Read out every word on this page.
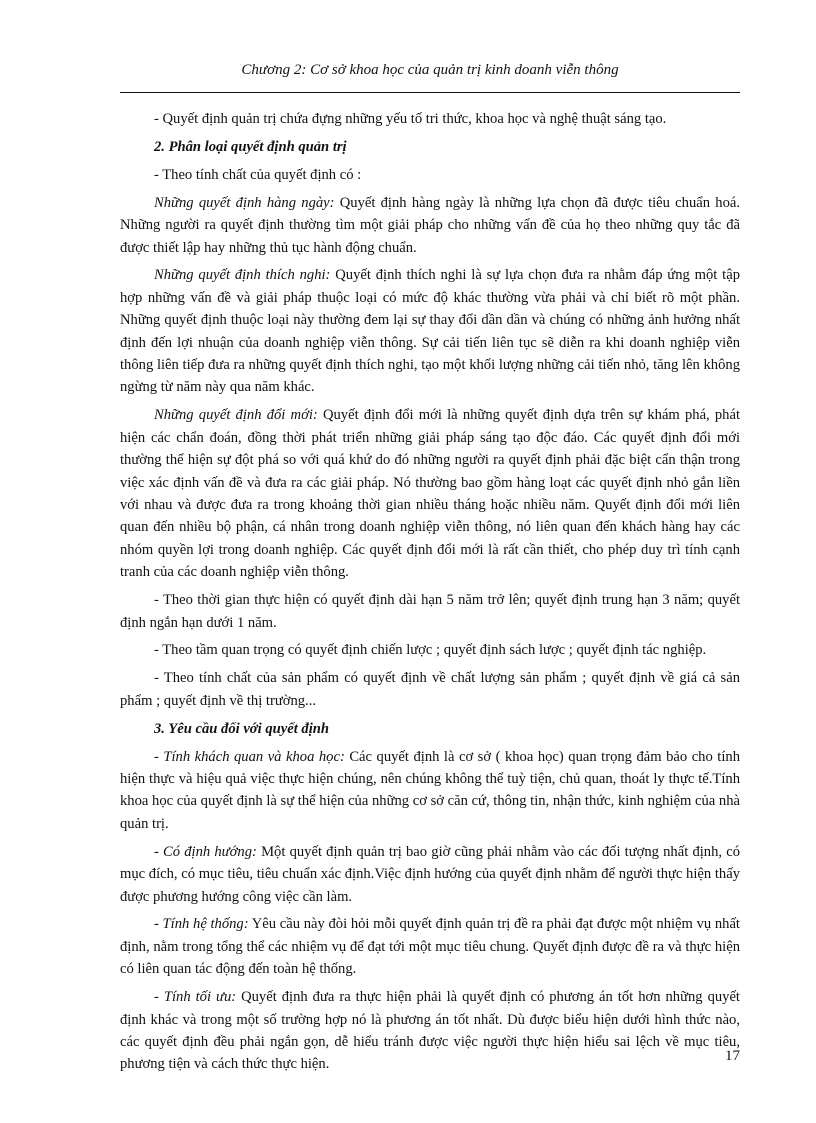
Chương 2: Cơ sở khoa học của quản trị kinh doanh viễn thông

- Quyết định quản trị chứa đựng những yếu tố tri thức, khoa học và nghệ thuật sáng tạo.

2. Phân loại quyết định quản trị

- Theo tính chất của quyết định có :

Những quyết định hàng ngày: Quyết định hàng ngày là những lựa chọn đã được tiêu chuẩn hoá. Những người ra quyết định thường tìm một giải pháp cho những vấn đề của họ theo những quy tắc đã được thiết lập hay những thủ tục hành động chuẩn.

Những quyết định thích nghi: Quyết định thích nghi là sự lựa chọn đưa ra nhằm đáp ứng một tập hợp những vấn đề và giải pháp thuộc loại có mức độ khác thường vừa phải và chỉ biết rõ một phần. Những quyết định thuộc loại này thường đem lại sự thay đổi dần dần và chúng có những ảnh hưởng nhất định đến lợi nhuận của doanh nghiệp viễn thông. Sự cải tiến liên tục sẽ diễn ra khi doanh nghiệp viễn thông liên tiếp đưa ra những quyết định thích nghi, tạo một khối lượng những cải tiến nhỏ, tăng lên không ngừng từ năm này qua năm khác.

Những quyết định đổi mới: Quyết định đổi mới là những quyết định dựa trên sự khám phá, phát hiện các chẩn đoán, đồng thời phát triển những giải pháp sáng tạo độc đáo. Các quyết định đổi mới thường thể hiện sự đột phá so với quá khứ do đó những người ra quyết định phải đặc biệt cẩn thận trong việc xác định vấn đề và đưa ra các giải pháp. Nó thường bao gồm hàng loạt các quyết định nhỏ gắn liền với nhau và được đưa ra trong khoảng thời gian nhiều tháng hoặc nhiều năm. Quyết định đổi mới liên quan đến nhiều bộ phận, cá nhân trong doanh nghiệp viễn thông, nó liên quan đến khách hàng hay các nhóm quyền lợi trong doanh nghiệp. Các quyết định đổi mới là rất cần thiết, cho phép duy trì tính cạnh tranh của các doanh nghiệp viễn thông.

- Theo thời gian thực hiện có quyết định dài hạn 5 năm trở lên; quyết định trung hạn 3 năm; quyết định ngắn hạn dưới 1 năm.

- Theo tầm quan trọng có quyết định chiến lược ; quyết định sách lược ; quyết định tác nghiệp.

- Theo tính chất của sản phẩm có quyết định về chất lượng sản phẩm ; quyết định về giá cả sản phẩm ; quyết định về thị trường...

3. Yêu cầu đối với quyết định

- Tính khách quan và khoa học: Các quyết định là cơ sở ( khoa học) quan trọng đảm bảo cho tính hiện thực và hiệu quả việc thực hiện chúng, nên chúng không thể tuỳ tiện, chủ quan, thoát ly thực tế.Tính khoa học của quyết định là sự thể hiện của những cơ sở căn cứ, thông tin, nhận thức, kinh nghiệm của nhà quản trị.

- Có định hướng: Một quyết định quản trị bao giờ cũng phải nhằm vào các đối tượng nhất định, có mục đích, có mục tiêu, tiêu chuẩn xác định.Việc định hướng của quyết định nhằm để người thực hiện thấy được phương hướng công việc cần làm.

- Tính hệ thống: Yêu cầu này đòi hỏi mỗi quyết định quản trị đề ra phải đạt được một nhiệm vụ nhất định, nằm trong tổng thể các nhiệm vụ để đạt tới một mục tiêu chung. Quyết định được đề ra và thực hiện có liên quan tác động đến toàn hệ thống.

- Tính tối ưu: Quyết định đưa ra thực hiện phải là quyết định có phương án tốt hơn những quyết định khác và trong một số trường hợp nó là phương án tốt nhất. Dù được biểu hiện dưới hình thức nào, các quyết định đều phải ngắn gọn, dễ hiểu tránh được việc người thực hiện hiểu sai lệch về mục tiêu, phương tiện và cách thức thực hiện.

17
